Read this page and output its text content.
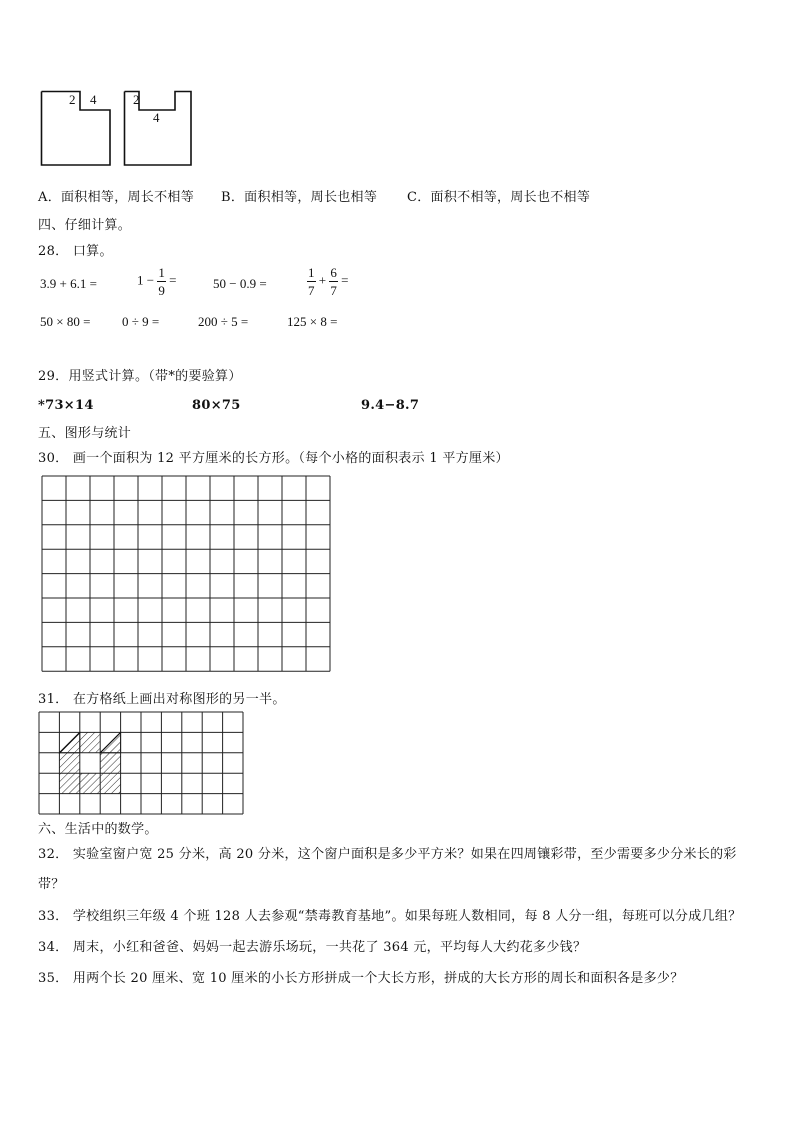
2 4	2
4
A．面积相等，周长不相等 B．面积相等，周长也相等 C．面积不相等，周长也不相等
四、仔细计算。
28． 口算。
3.9 + 6.1 =	$1 - \frac{1}{9}$ =	50 − 0.9 =	$\frac{1}{7} + \frac{6}{7}$ =
50 × 80 = 0 ÷ 9 =	200 ÷ 5 =	125 × 8 =
29．用竖式计算。（带*的要验算）
*73×14	80×75	9.4−8.7
五、图形与统计
30． 画一个面积为 12 平方厘米的长方形。（每个小格的面积表示 1 平方厘米）
31． 在方格纸上画出对称图形的另一半。
六、生活中的数学。
32． 实验室窗户宽 25 分米，高 20 分米，这个窗户面积是多少平方米？如果在四周镶彩带，至少需要多少分米长的彩
带？
33． 学校组织三年级 4 个班 128 人去参观“禁毒教育基地”。如果每班人数相同，每 8 人分一组，每班可以分成几组？
34． 周末，小红和爸爸、妈妈一起去游乐场玩，一共花了 364 元，平均每人大约花多少钱？
35． 用两个长 20 厘米、宽 10 厘米的小长方形拼成一个大长方形，拼成的大长方形的周长和面积各是多少？
